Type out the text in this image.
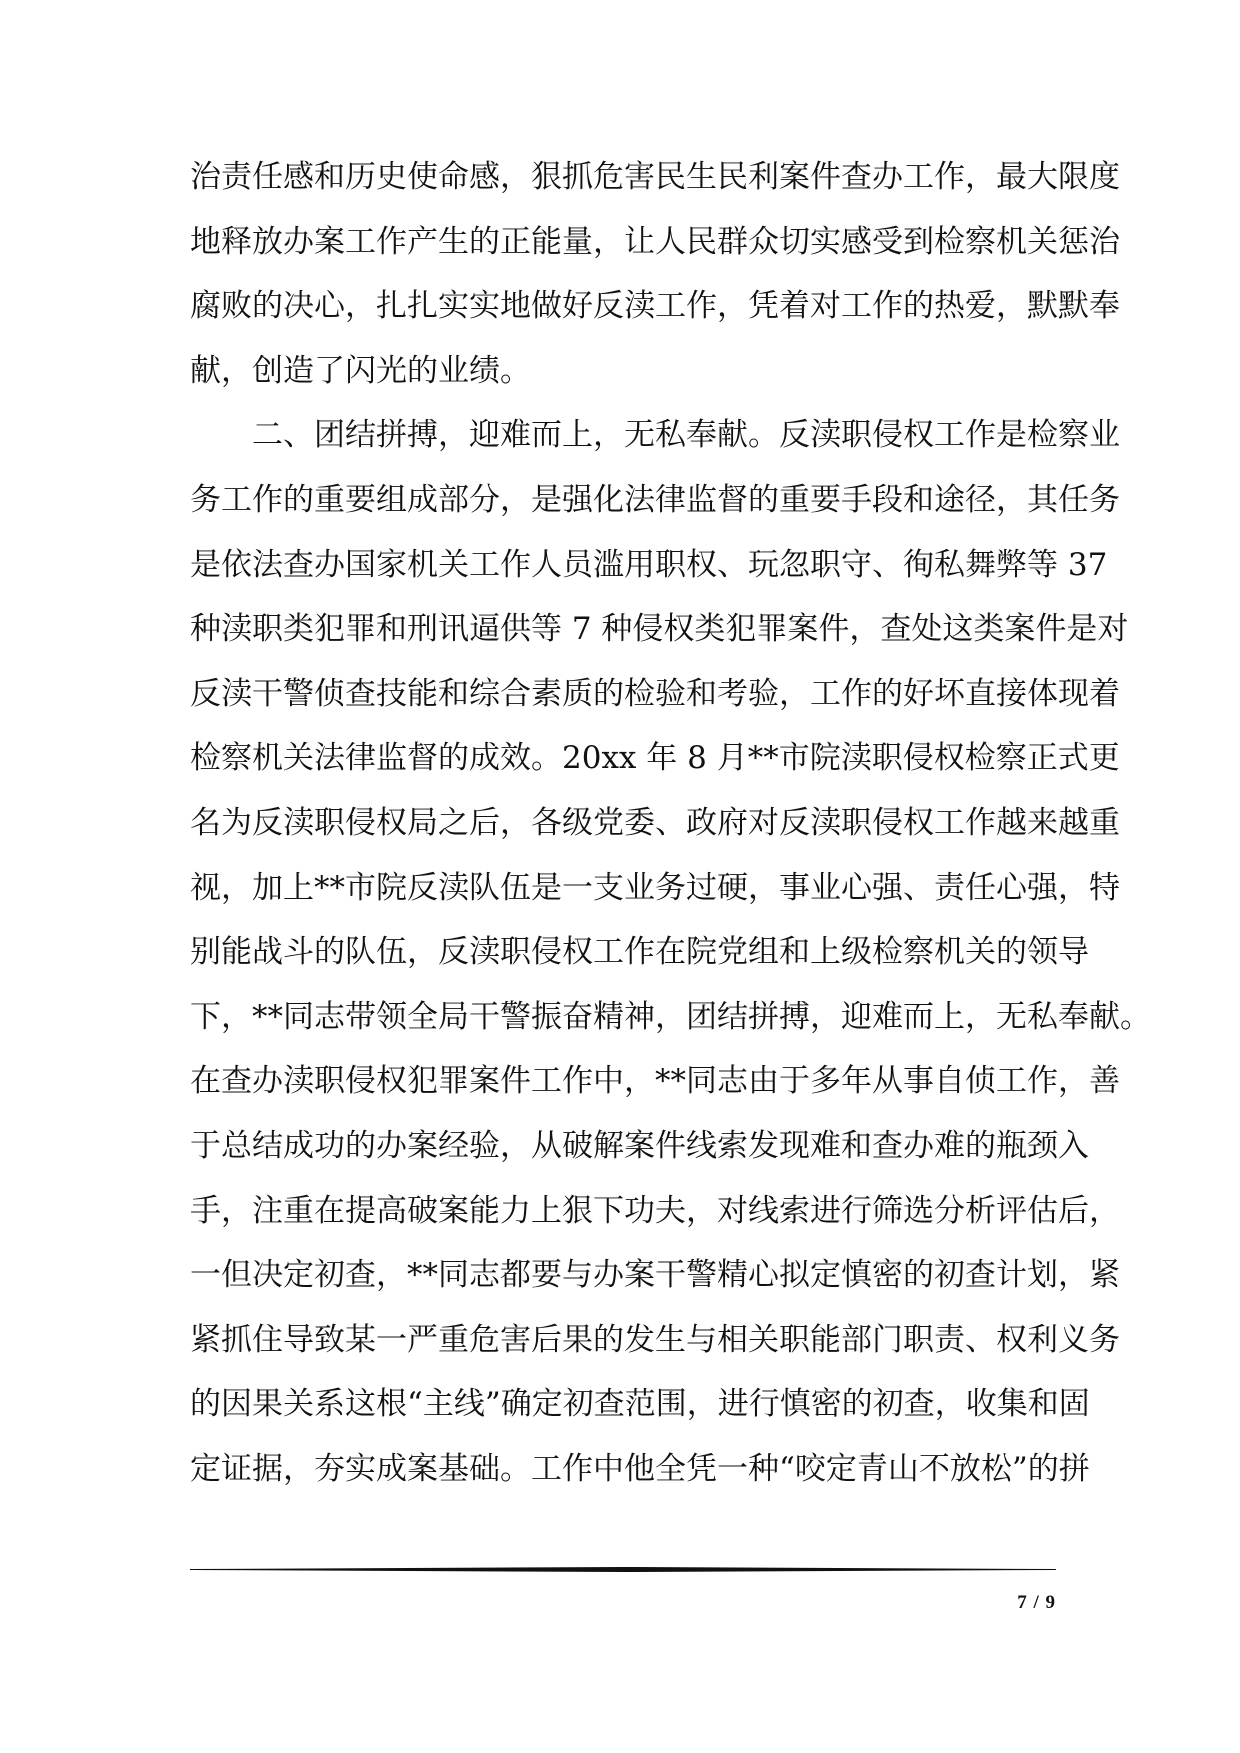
治责任感和历史使命感，狠抓危害民生民利案件查办工作，最大限度
地释放办案工作产生的正能量，让人民群众切实感受到检察机关惩治
腐败的决心，扎扎实实地做好反渎工作，凭着对工作的热爱，默默奉
献，创造了闪光的业绩。
二、团结拼搏，迎难而上，无私奉献。反渎职侵权工作是检察业
务工作的重要组成部分，是强化法律监督的重要手段和途径，其任务
是依法查办国家机关工作人员滥用职权、玩忽职守、徇私舞弊等 37
种渎职类犯罪和刑讯逼供等 7 种侵权类犯罪案件，查处这类案件是对
反渎干警侦查技能和综合素质的检验和考验，工作的好坏直接体现着
检察机关法律监督的成效。20xx 年 8 月**市院渎职侵权检察正式更
名为反渎职侵权局之后，各级党委、政府对反渎职侵权工作越来越重
视，加上**市院反渎队伍是一支业务过硬，事业心强、责任心强，特
别能战斗的队伍，反渎职侵权工作在院党组和上级检察机关的领导
下，**同志带领全局干警振奋精神，团结拼搏，迎难而上，无私奉献。
在查办渎职侵权犯罪案件工作中，**同志由于多年从事自侦工作，善
于总结成功的办案经验，从破解案件线索发现难和查办难的瓶颈入
手，注重在提高破案能力上狠下功夫，对线索进行筛选分析评估后，
一但决定初查，**同志都要与办案干警精心拟定慎密的初查计划，紧
紧抓住导致某一严重危害后果的发生与相关职能部门职责、权利义务
的因果关系这根“主线”确定初查范围，进行慎密的初查，收集和固
定证据，夯实成案基础。工作中他全凭一种“咬定青山不放松”的拼
7 / 9
